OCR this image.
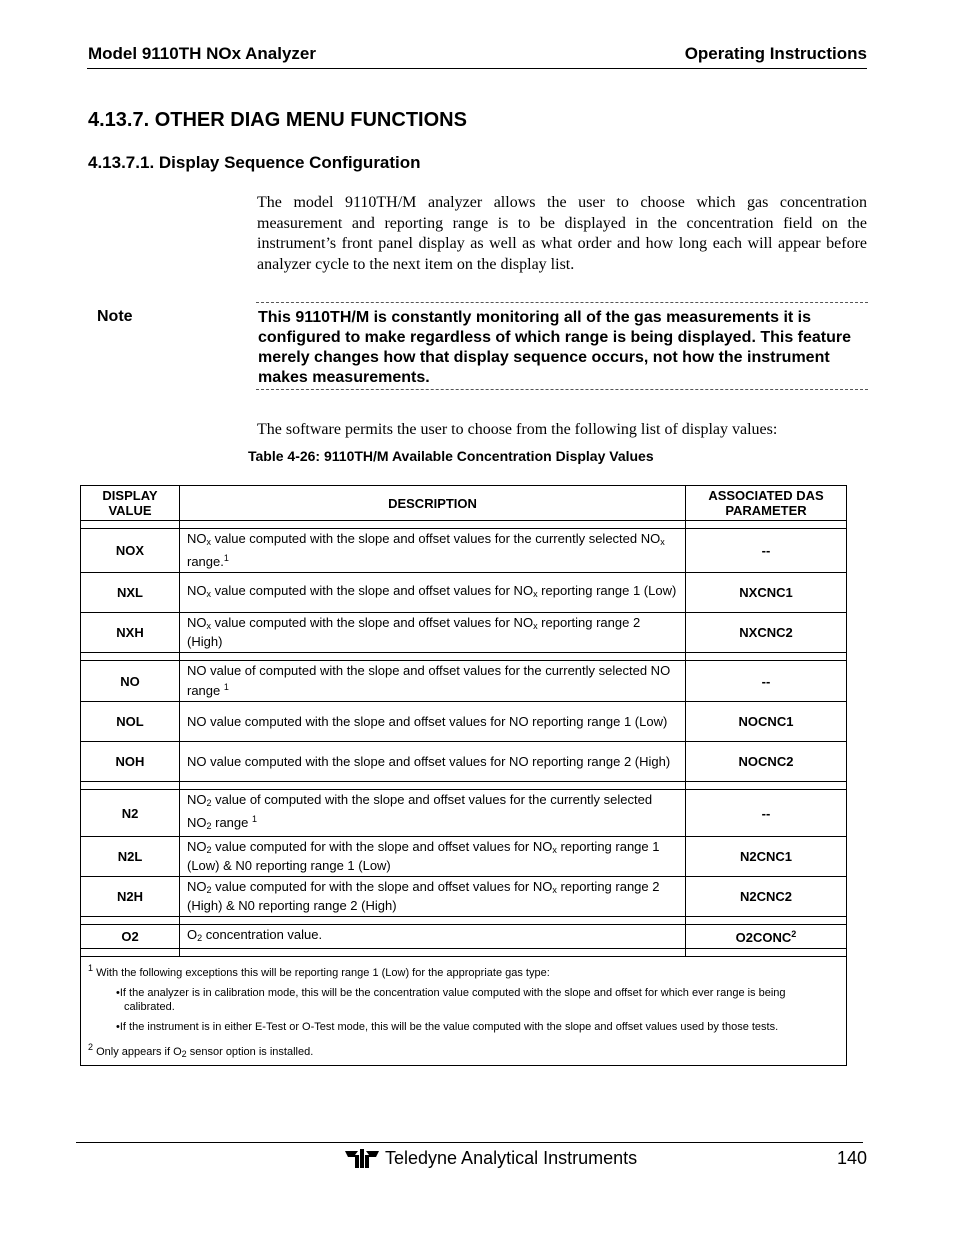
Model 9110TH NOx Analyzer	Operating Instructions
4.13.7. OTHER DIAG MENU FUNCTIONS
4.13.7.1. Display Sequence Configuration
The model 9110TH/M analyzer allows the user to choose which gas concentration measurement and reporting range is to be displayed in the concentration field on the instrument’s front panel display as well as what order and how long each will appear before analyzer cycle to the next item on the display list.
Note	This 9110TH/M is constantly monitoring all of the gas measurements it is configured to make regardless of which range is being displayed. This feature merely changes how that display sequence occurs, not how the instrument makes measurements.
The software permits the user to choose from the following list of display values:
Table 4-26: 9110TH/M Available Concentration Display Values
DISPLAY VALUE	DESCRIPTION	ASSOCIATED DAS PARAMETER

NOX	$NO_x$ value computed with the slope and offset values for the currently selected $NO_x$ range.$^1$	--
NXL	$NO_x$ value computed with the slope and offset values for $NO_x$ reporting range 1 (Low)	NXCNC1
NXH	$NO_x$ value computed with the slope and offset values for $NO_x$ reporting range 2 (High)	NXCNC2

NO	NO value of computed with the slope and offset values for the currently selected NO range $^1$	--
NOL	NO value computed with the slope and offset values for NO reporting range 1 (Low)	NOCNC1
NOH	NO value computed with the slope and offset values for NO reporting range 2 (High)	NOCNC2

N2	$NO_2$ value of computed with the slope and offset values for the currently selected $NO_2$ range $^1$	--
N2L	$NO_2$ value computed for with the slope and offset values for $NO_x$ reporting range 1 (Low) & N0 reporting range 1 (Low)	N2CNC1
N2H	$NO_2$ value computed for with the slope and offset values for $NO_x$ reporting range 2 (High) & N0 reporting range 2 (High)	N2CNC2

O2	$O_2$ concentration value.	O2CONC$^2$

$^1$ With the following exceptions this will be reporting range 1 (Low) for the appropriate gas type:
•If the analyzer is in calibration mode, this will be the concentration value computed with the slope and offset for which ever range is being calibrated.
•If the instrument is in either E-Test or O-Test mode, this will be the value computed with the slope and offset values used by those tests.
$^2$ Only appears if $O_2$ sensor option is installed.		
Teledyne Analytical Instruments	140
